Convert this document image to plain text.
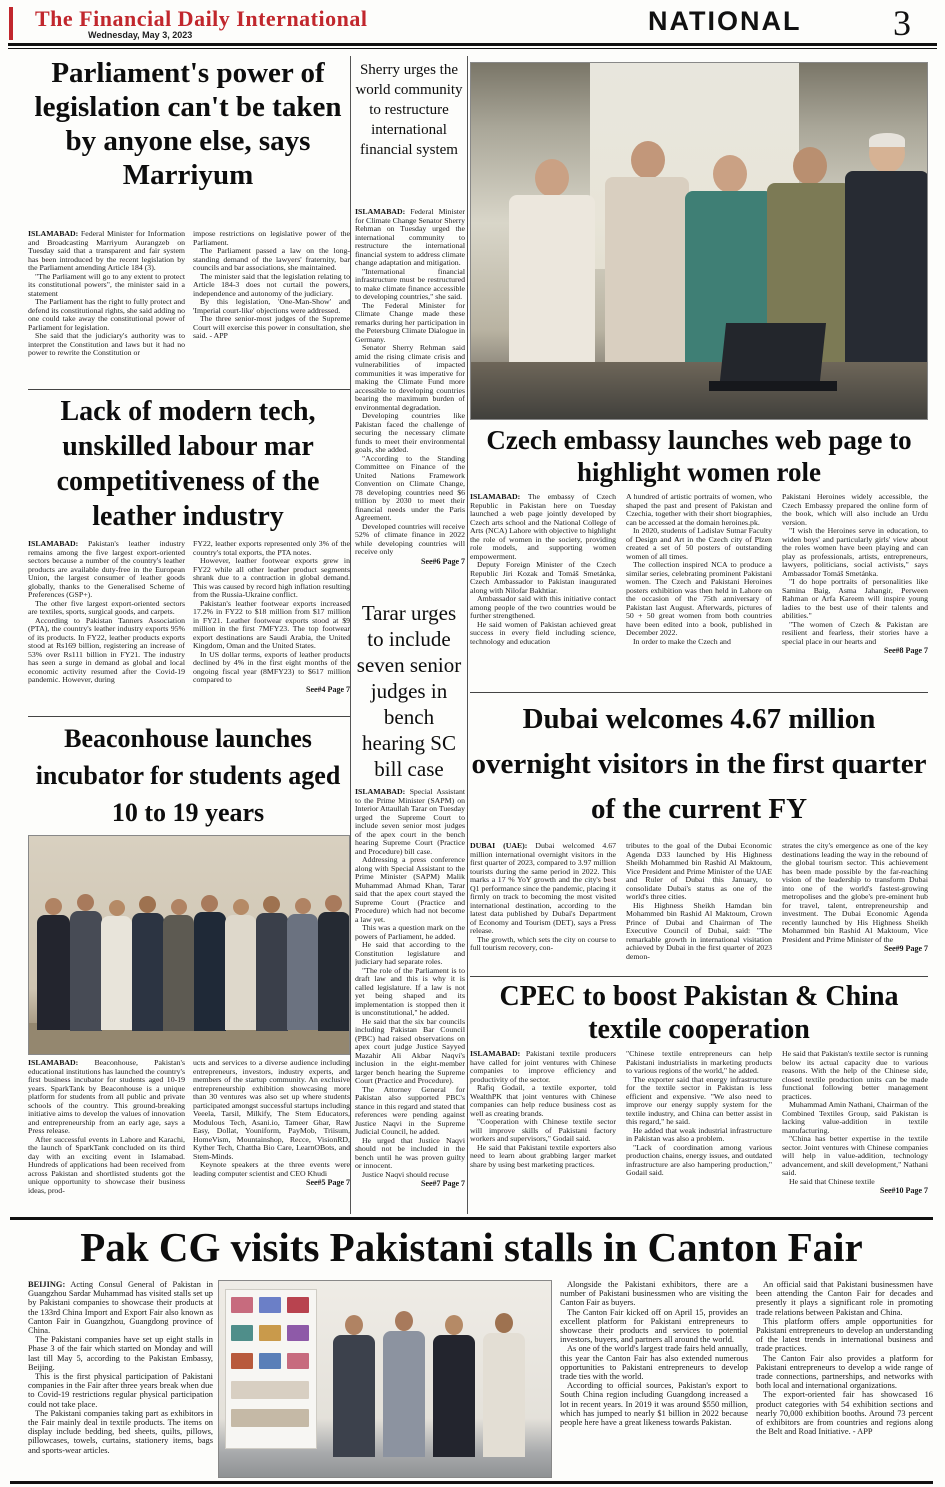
The Financial Daily International
Wednesday, May 3, 2023	NATIONAL	3
Parliament's power of legislation can't be taken by anyone else, says Marriyum

ISLAMABAD: Federal Minister for Information and Broadcasting Marriyum Aurangzeb on Tuesday said that a transparent and fair system has been introduced by the recent legislation by the Parliament amending Article 184 (3).

"The Parliament will go to any extent to protect its constitutional powers", the minister said in a statement

The Parliament has the right to fully protect and defend its constitutional rights, she said adding no one could take away the constitutional power of Parliament for legislation.

She said that the judiciary's authority was to interpret the Constitution and laws but it had no power to rewrite the Constitution or

impose restrictions on legislative power of the Parliament.

The Parliament passed a law on the long-standing demand of the lawyers' fraternity, bar councils and bar associations, she maintained.

The minister said that the legislation relating to Article 184-3 does not curtail the powers, independence and autonomy of the judiciary.

By this legislation, 'One-Man-Show' and 'Imperial court-like' objections were addressed.

The three senior-most judges of the Supreme Court will exercise this power in consultation, she said. - APP

Lack of modern tech, unskilled labour mar competitiveness of the leather industry

ISLAMABAD: Pakistan's leather industry remains among the five largest export-oriented sectors because a number of the country's leather products are available duty-free in the European Union, the largest consumer of leather goods globally, thanks to the Generalised Scheme of Preferences (GSP+).

The other five largest export-oriented sectors are textiles, sports, surgical goods, and carpets.

According to Pakistan Tanners Association (PTA), the country's leather industry exports 95% of its products. In FY22, leather products exports stood at Rs169 billion, registering an increase of 53% over Rs111 billion in FY21. The industry has seen a surge in demand as global and local economic activity resumed after the Covid-19 pandemic. However, during

FY22, leather exports represented only 3% of the country's total exports, the PTA notes.

However, leather footwear exports grew in FY22 while all other leather product segments shrank due to a contraction in global demand. This was caused by record high inflation resulting from the Russia-Ukraine conflict.

Pakistan's leather footwear exports increased 17.2% in FY22 to $18 million from $17 million in FY21. Leather footwear exports stood at $9 million in the first 7MFY23. The top footwear export destinations are Saudi Arabia, the United Kingdom, Oman and the United States.

In US dollar terms, exports of leather products declined by 4% in the first eight months of the ongoing fiscal year (8MFY23) to $617 million compared to

See#4 Page 7
Beaconhouse launches incubator for students aged 10 to 19 years

ISLAMABAD: Beaconhouse, Pakistan's educational institutions has launched the country's first business incubator for students aged 10-19 years. SparkTank by Beaconhouse is a unique platform for students from all public and private schools of the country. This ground-breaking initiative aims to develop the values of innovation and entrepreneurship from an early age, says a Press release.

After successful events in Lahore and Karachi, the launch of SparkTank concluded on its third day with an exciting event in Islamabad. Hundreds of applications had been received from across Pakistan and shortlisted students got the unique opportunity to showcase their business ideas, prod-

ucts and services to a diverse audience including entrepreneurs, investors, industry experts, and members of the startup community. An exclusive entrepreneurship exhibition showcasing more than 30 ventures was also set up where students participated amongst successful startups including Veeela, Tarsil, Milkify, The Stem Educators, Modulous Tech, Asani.io, Tameer Ghar, Raw Easy, Dollat, Youniform, PayMob, Triisum, HomeVism, Mountainshop, Recce, VisionRD, Kyther Tech, Chattha Bio Care, LearnOBots, and Stem-Minds.

Keynote speakers at the three events were leading computer scientist and CEO Khudi

See#5 Page 7
Sherry urges the world community to restructure international financial system

ISLAMABAD: Federal Minister for Climate Change Senator Sherry Rehman on Tuesday urged the international community to restructure the international financial system to address climate change adaptation and mitigation.

"International financial infrastructure must be restructured to make climate finance accessible to developing countries," she said.

The Federal Minister for Climate Change made these remarks during her participation in the Petersburg Climate Dialogue in Germany.

Senator Sherry Rehman said amid the rising climate crisis and vulnerabilities of impacted communities it was imperative for making the Climate Fund more accessible to developing countries bearing the maximum burden of environmental degradation.

Developing countries like Pakistan faced the challenge of securing the necessary climate funds to meet their environmental goals, she added.

"According to the Standing Committee on Finance of the United Nations Framework Convention on Climate Change, 78 developing countries need $6 trillion by 2030 to meet their financial needs under the Paris Agreement.

Developed countries will receive 52% of climate finance in 2022 while developing countries will receive only

See#6 Page 7
Tarar urges to include seven senior judges in bench hearing SC bill case

ISLAMABAD: Special Assistant to the Prime Minister (SAPM) on Interior Attaullah Tarar on Tuesday urged the Supreme Court to include seven senior most judges of the apex court in the bench hearing Supreme Court (Practice and Procedure) bill case.

Addressing a press conference along with Special Assistant to the Prime Minister (SAPM) Malik Muhammad Ahmad Khan, Tarar said that the apex court stayed the Supreme Court (Practice and Procedure) which had not become a law yet.

This was a question mark on the powers of Parliament, he added.

He said that according to the Constitution legislature and judiciary had separate roles.

"The role of the Parliament is to draft law and this is why it is called legislature. If a law is not yet being shaped and its implementation is stopped then it is unconstitutional," he added.

He said that the six bar councils including Pakistan Bar Council (PBC) had raised observations on apex court judge Justice Sayyed Mazahir Ali Akbar Naqvi's inclusion in the eight-member larger bench hearing the Supreme Court (Practice and Procedure).

The Attorney General for Pakistan also supported PBC's stance in this regard and stated that references were pending against Justice Naqvi in the Supreme Judicial Council, he added.

He urged that Justice Naqvi should not be included in the bench until he was proven guilty or innocent.

Justice Naqvi should recuse

See#7 Page 7
Czech embassy launches web page to highlight women role

ISLAMABAD: The embassy of Czech Republic in Pakistan here on Tuesday launched a web page jointly developed by Czech arts school and the National College of Arts (NCA) Lahore with objective to highlight the role of women in the society, providing role models, and supporting women empowerment.

Deputy Foreign Minister of the Czech Republic Jiri Kozak and Tomáš Smetánka, Czech Ambassador to Pakistan inaugurated along with Nilofar Bakhtiar.

Ambassador said with this initiative contact among people of the two countries would be further strengthened.

He said women of Pakistan achieved great success in every field including science, technology and education

A hundred of artistic portraits of women, who shaped the past and present of Pakistan and Czechia, together with their short biographies, can be accessed at the domain heroines.pk.

In 2020, students of Ladislav Sutnar Faculty of Design and Art in the Czech city of Plzen created a set of 50 posters of outstanding women of all times.

The collection inspired NCA to produce a similar series, celebrating prominent Pakistani women. The Czech and Pakistani Heroines posters exhibition was then held in Lahore on the occasion of the 75th anniversary of Pakistan last August. Afterwards, pictures of 50 + 50 great women from both countries have been edited into a book, published in December 2022.

In order to make the Czech and

Pakistani Heroines widely accessible, the Czech Embassy prepared the online form of the book, which will also include an Urdu version.

"I wish the Heroines serve in education, to widen boys' and particularly girls' view about the roles women have been playing and can play as professionals, artists, entrepreneurs, lawyers, politicians, social activists," says Ambassador Tomáš Smetánka.

"I do hope portraits of personalities like Samina Baig, Asma Jahangir, Perween Rahman or Arfa Kareem will inspire young ladies to the best use of their talents and abilities."

"The women of Czech & Pakistan are resilient and fearless, their stories have a special place in our hearts and

See#8 Page 7
Dubai welcomes 4.67 million overnight visitors in the first quarter of the current FY

DUBAI (UAE): Dubai welcomed 4.67 million international overnight visitors in the first quarter of 2023, compared to 3.97 million tourists during the same period in 2022. This marks a 17 % YoY growth and the city's best Q1 performance since the pandemic, placing it firmly on track to becoming the most visited international destination, according to the latest data published by Dubai's Department of Economy and Tourism (DET), says a Press release.

The growth, which sets the city on course to full tourism recovery, con-

tributes to the goal of the Dubai Economic Agenda D33 launched by His Highness Sheikh Mohammed bin Rashid Al Maktoum, Vice President and Prime Minister of the UAE and Ruler of Dubai this January, to consolidate Dubai's status as one of the world's three cities.

His Highness Sheikh Hamdan bin Mohammed bin Rashid Al Maktoum, Crown Prince of Dubai and Chairman of The Executive Council of Dubai, said: "The remarkable growth in international visitation achieved by Dubai in the first quarter of 2023 demon-

strates the city's emergence as one of the key destinations leading the way in the rebound of the global tourism sector. This achievement has been made possible by the far-reaching vision of the leadership to transform Dubai into one of the world's fastest-growing metropolises and the globe's pre-eminent hub for travel, talent, entrepreneurship and investment. The Dubai Economic Agenda recently launched by His Highness Sheikh Mohammed bin Rashid Al Maktoum, Vice President and Prime Minister of the

See#9 Page 7
CPEC to boost Pakistan & China textile cooperation

ISLAMABAD: Pakistani textile producers have called for joint ventures with Chinese companies to improve efficiency and productivity of the sector.

Rafiq Godail, a textile exporter, told WealthPK that joint ventures with Chinese companies can help reduce business cost as well as creating brands.

"Cooperation with Chinese textile sector will improve skills of Pakistani factory workers and supervisors," Godail said.

He said that Pakistani textile exporters also need to learn about grabbing larger market share by using best marketing practices.

"Chinese textile entrepreneurs can help Pakistani industrialists in marketing products to various regions of the world," he added.

The exporter said that energy infrastructure for the textile sector in Pakistan is less efficient and expensive. "We also need to improve our energy supply system for the textile industry, and China can better assist in this regard," he said.

He added that weak industrial infrastructure in Pakistan was also a problem.

"Lack of coordination among various production chains, energy issues, and outdated infrastructure are also hampering production," Godail said.

He said that Pakistan's textile sector is running below its actual capacity due to various reasons. With the help of the Chinese side, closed textile production units can be made functional following better management practices.

Muhammad Amin Nathani, Chairman of the Combined Textiles Group, said Pakistan is lacking value-addition in textile manufacturing.

"China has better expertise in the textile sector. Joint ventures with Chinese companies will help in value-addition, technology advancement, and skill development," Nathani said.

He said that Chinese textile

See#10 Page 7
Pak CG visits Pakistani stalls in Canton Fair

BEIJING: Acting Consul General of Pakistan in Guangzhou Sardar Muhammad has visited stalls set up by Pakistani companies to showcase their products at the 133rd China Import and Export Fair also known as Canton Fair in Guangzhou, Guangdong province of China.

The Pakistani companies have set up eight stalls in Phase 3 of the fair which started on Monday and will last till May 5, according to the Pakistan Embassy, Beijing.

This is the first physical participation of Pakistani companies in the Fair after three years break when due to Covid-19 restrictions regular physical participation could not take place.

The Pakistani companies taking part as exhibitors in the Fair mainly deal in textile products. The items on display include bedding, bed sheets, quilts, pillows, pillowcases, towels, curtains, stationery items, bags and sports-wear articles.

Alongside the Pakistani exhibitors, there are a number of Pakistani businessmen who are visiting the Canton Fair as buyers.

The Canton Fair kicked off on April 15, provides an excellent platform for Pakistani entrepreneurs to showcase their products and services to potential investors, buyers, and partners all around the world.

As one of the world's largest trade fairs held annually, this year the Canton Fair has also extended numerous opportunities to Pakistani entrepreneurs to develop trade ties with the world.

According to official sources, Pakistan's export to South China region including Guangdong increased a lot in recent years. In 2019 it was around $550 million, which has jumped to nearly $1 billion in 2022 because people here have a great likeness towards Pakistan.

An official said that Pakistani businessmen have been attending the Canton Fair for decades and presently it plays a significant role in promoting trade relations between Pakistan and China.

This platform offers ample opportunities for Pakistani entrepreneurs to develop an understanding of the latest trends in international business and trade practices.

The Canton Fair also provides a platform for Pakistani entrepreneurs to develop a wide range of trade connections, partnerships, and networks with both local and international organizations.

The export-oriented fair has showcased 16 product categories with 54 exhibition sections and nearly 70,000 exhibition booths. Around 73 percent of exhibitors are from countries and regions along the Belt and Road Initiative. - APP
